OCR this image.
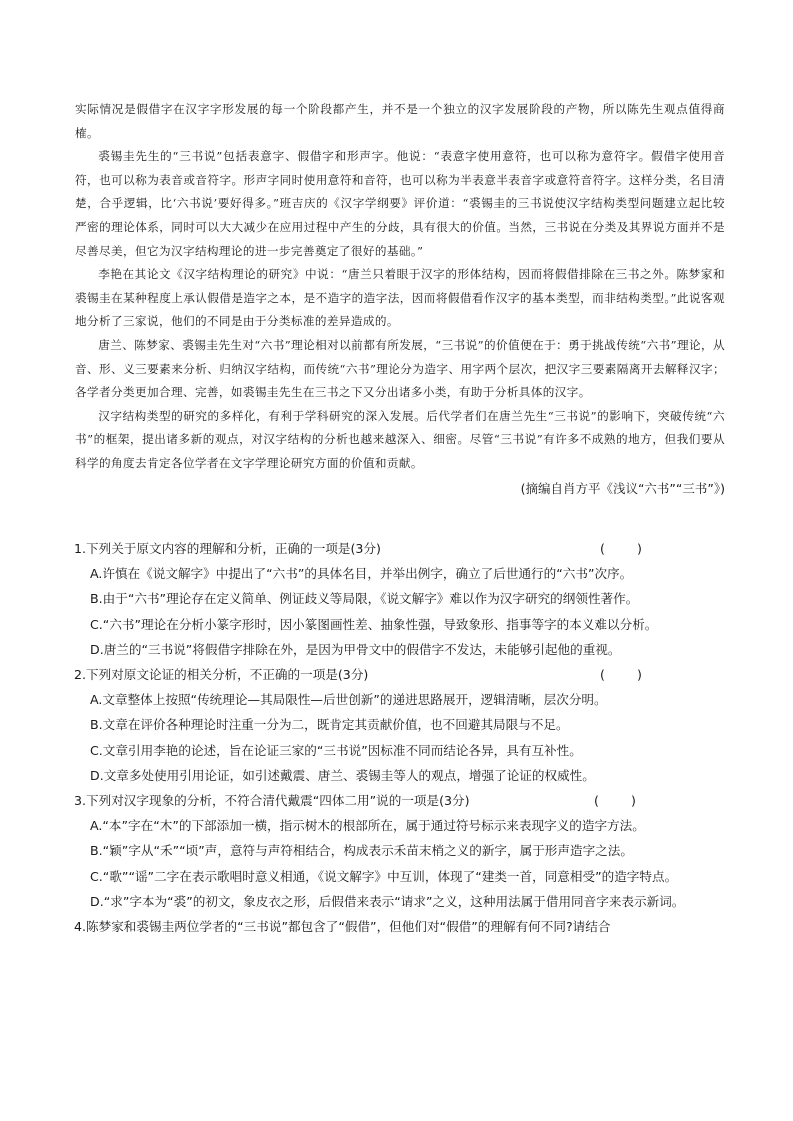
实际情况是假借字在汉字字形发展的每一个阶段都产生，并不是一个独立的汉字发展阶段的产物，所以陈先生观点值得商榷。

裘锡圭先生的“三书说”包括表意字、假借字和形声字。他说：“表意字使用意符，也可以称为意符字。假借字使用音符，也可以称为表音或音符字。形声字同时使用意符和音符，也可以称为半表意半表音字或意符音符字。这样分类，名目清楚，合乎逻辑，比‘六书说’要好得多。”班吉庆的《汉字学纲要》评价道：“裘锡圭的三书说使汉字结构类型问题建立起比较严密的理论体系，同时可以大大减少在应用过程中产生的分歧，具有很大的价值。当然，三书说在分类及其界说方面并不是尽善尽美，但它为汉字结构理论的进一步完善奠定了很好的基础。”

李艳在其论文《汉字结构理论的研究》中说：“唐兰只着眼于汉字的形体结构，因而将假借排除在三书之外。陈梦家和裘锡圭在某种程度上承认假借是造字之本，是不造字的造字法，因而将假借看作汉字的基本类型，而非结构类型。”此说客观地分析了三家说，他们的不同是由于分类标准的差异造成的。

唐兰、陈梦家、裘锡圭先生对“六书”理论相对以前都有所发展，“三书说”的价值便在于：勇于挑战传统“六书”理论，从音、形、义三要素来分析、归纳汉字结构，而传统“六书”理论分为造字、用字两个层次，把汉字三要素隔离开去解释汉字；各学者分类更加合理、完善，如裘锡圭先生在三书之下又分出诸多小类，有助于分析具体的汉字。

汉字结构类型的研究的多样化，有利于学科研究的深入发展。后代学者们在唐兰先生“三书说”的影响下，突破传统“六书”的框架，提出诸多新的观点，对汉字结构的分析也越来越深入、细密。尽管“三书说”有许多不成熟的地方，但我们要从科学的角度去肯定各位学者在文字学理论研究方面的价值和贡献。

(摘编自肖方平《浅议“六书”“三书”》)

1.下列关于原文内容的理解和分析，正确的一项是(3分)	(        )
A.许慎在《说文解字》中提出了“六书”的具体名目，并举出例字，确立了后世通行的“六书”次序。
B.由于“六书”理论存在定义简单、例证歧义等局限，《说文解字》难以作为汉字研究的纲领性著作。
C.“六书”理论在分析小篆字形时，因小篆图画性差、抽象性强，导致象形、指事等字的本义难以分析。
D.唐兰的“三书说”将假借字排除在外，是因为甲骨文中的假借字不发达，未能够引起他的重视。
2.下列对原文论证的相关分析，不正确的一项是(3分)	(        )
A.文章整体上按照“传统理论—其局限性—后世创新”的递进思路展开，逻辑清晰，层次分明。
B.文章在评价各种理论时注重一分为二，既肯定其贡献价值，也不回避其局限与不足。
C.文章引用李艳的论述，旨在论证三家的“三书说”因标准不同而结论各异，具有互补性。
D.文章多处使用引用论证，如引述戴震、唐兰、裘锡圭等人的观点，增强了论证的权威性。
3.下列对汉字现象的分析，不符合清代戴震“四体二用”说的一项是(3分)	(        )
A.“本”字在“木”的下部添加一横，指示树木的根部所在，属于通过符号标示来表现字义的造字方法。
B.“颖”字从“禾”“顷”声，意符与声符相结合，构成表示禾苗末梢之义的新字，属于形声造字之法。
C.“歌”“谣”二字在表示歌唱时意义相通，《说文解字》中互训，体现了“建类一首，同意相受”的造字特点。
D.“求”字本为“裘”的初文，象皮衣之形，后假借来表示“请求”之义，这种用法属于借用同音字来表示新词。
4.陈梦家和裘锡圭两位学者的“三书说”都包含了“假借”，但他们对“假借”的理解有何不同?请结合
